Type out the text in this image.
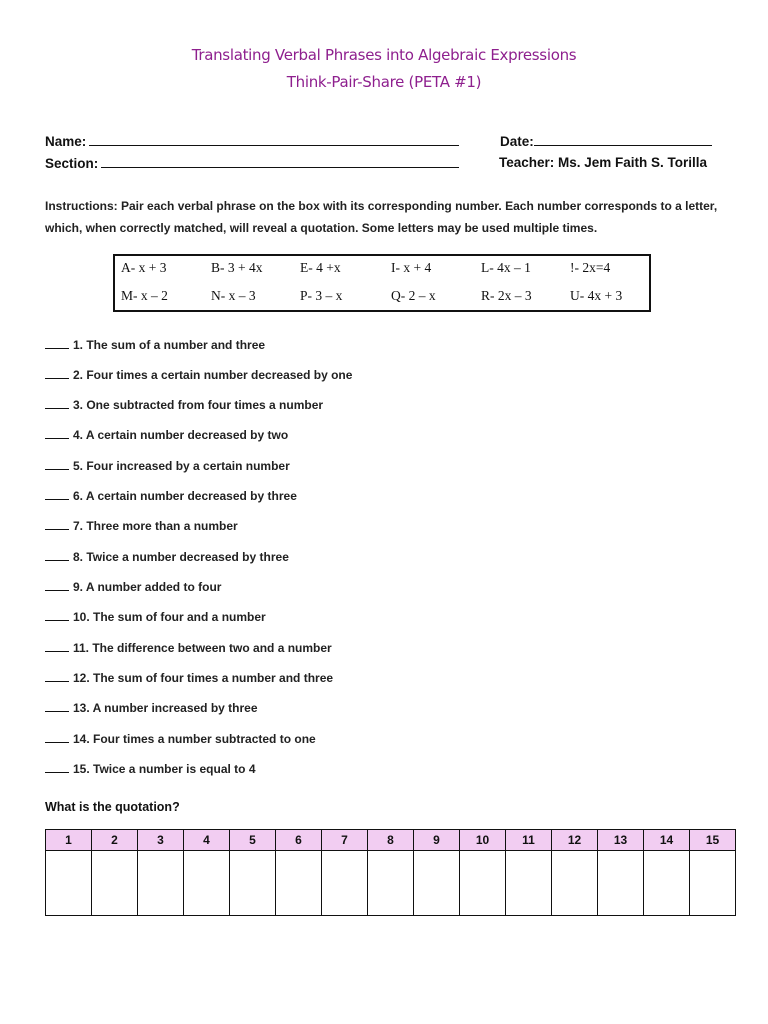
Translating Verbal Phrases into Algebraic Expressions
Think-Pair-Share (PETA #1)
Name:	Date:
Section:	Teacher: Ms. Jem Faith S. Torilla
Instructions: Pair each verbal phrase on the box with its corresponding number. Each number corresponds to a letter, which, when correctly matched, will reveal a quotation. Some letters may be used multiple times.
A- x + 3	B- 3 + 4x	E- 4 +x	I- x + 4	L- 4x – 1	!- 2x=4
M- x – 2	N- x – 3	P- 3 – x	Q- 2 – x	R- 2x – 3	U- 4x + 3
1. The sum of a number and three
2. Four times a certain number decreased by one
3. One subtracted from four times a number
4. A certain number decreased by two
5. Four increased by a certain number
6. A certain number decreased by three
7. Three more than a number
8. Twice a number decreased by three
9. A number added to four
10. The sum of four and a number
11. The difference between two and a number
12. The sum of four times a number and three
13. A number increased by three
14. Four times a number subtracted to one
15. Twice a number is equal to 4
What is the quotation?
1	2	3	4	5	6	7	8	9	10	11	12	13	14	15
